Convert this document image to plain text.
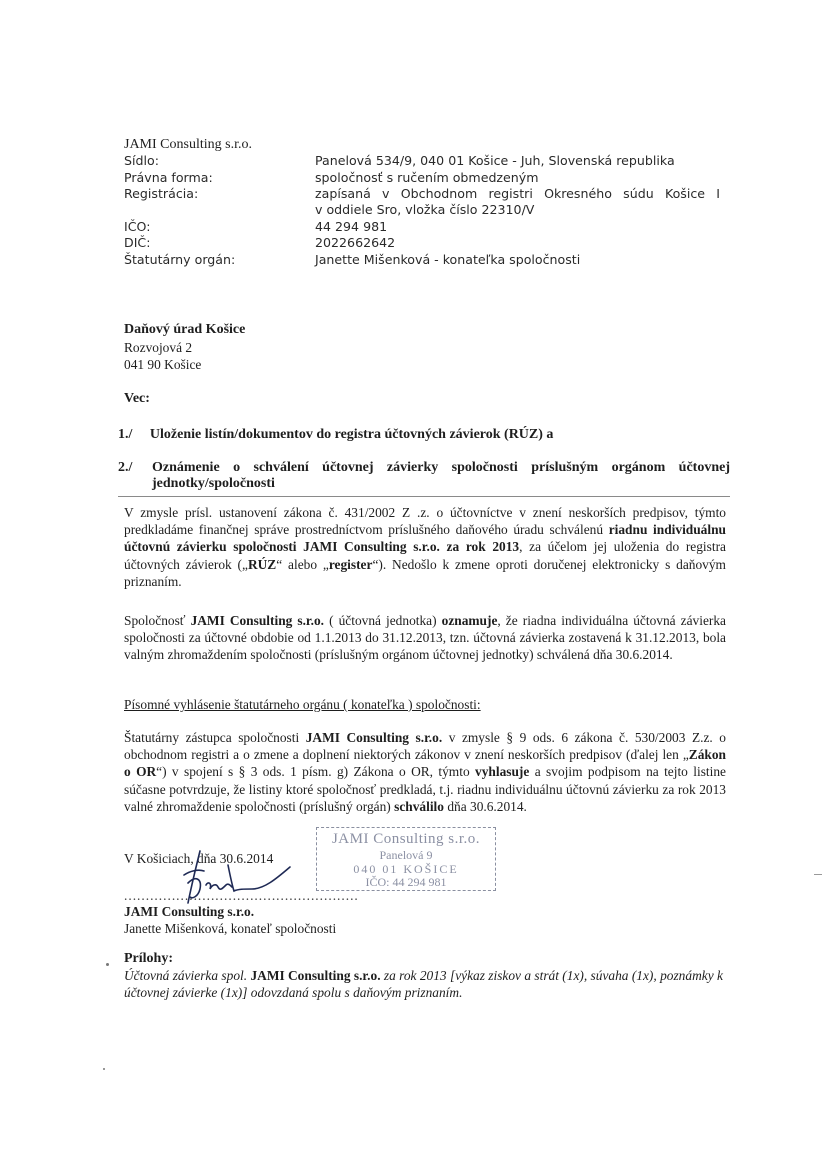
JAMI Consulting s.r.o.
Sídlo:	Panelová 534/9, 040 01 Košice - Juh, Slovenská republika
Právna forma:	spoločnosť s ručením obmedzeným
Registrácia:	zapísaná v Obchodnom registri Okresného súdu Košice I
v oddiele Sro, vložka číslo 22310/V
IČO:	44 294 981
DIČ:	2022662642
Štatutárny orgán:	Janette Mišenková - konateľka spoločnosti
Daňový úrad Košice
Rozvojová 2
041 90 Košice
Vec:
1./ Uloženie listín/dokumentov do registra účtovných závierok (RÚZ) a
2./ Oznámenie o schválení účtovnej závierky spoločnosti príslušným orgánom účtovnej jednotky/spoločnosti
V zmysle prísl. ustanovení zákona č. 431/2002 Z .z. o účtovníctve v znení neskorších predpisov, týmto predkladáme finančnej správe prostredníctvom príslušného daňového úradu schválenú riadnu individuálnu účtovnú závierku spoločnosti JAMI Consulting s.r.o. za rok 2013, za účelom jej uloženia do registra účtovných závierok („RÚZ“ alebo „register“). Nedošlo k zmene oproti doručenej elektronicky s daňovým priznaním.
Spoločnosť JAMI Consulting s.r.o. ( účtovná jednotka) oznamuje, že riadna individuálna účtovná závierka spoločnosti za účtovné obdobie od 1.1.2013 do 31.12.2013, tzn. účtovná závierka zostavená k 31.12.2013, bola valným zhromaždením spoločnosti (príslušným orgánom účtovnej jednotky) schválená dňa 30.6.2014.
Písomné vyhlásenie štatutárneho orgánu ( konateľka ) spoločnosti:
Štatutárny zástupca spoločnosti JAMI Consulting s.r.o. v zmysle § 9 ods. 6 zákona č. 530/2003 Z.z. o obchodnom registri a o zmene a doplnení niektorých zákonov v znení neskorších predpisov (ďalej len „Zákon o OR“) v spojení s § 3 ods. 1 písm. g) Zákona o OR, týmto vyhlasuje a svojim podpisom na tejto listine súčasne potvrdzuje, že listiny ktoré spoločnosť predkladá, t.j. riadnu individuálnu účtovnú závierku za rok 2013 valné zhromaždenie spoločnosti (príslušný orgán) schválilo dňa 30.6.2014.
JAMI Consulting s.r.o.
Panelová 9
040 01 KOŠICE
IČO: 44 294 981
V Košiciach, dňa 30.6.2014
......................................................
JAMI Consulting s.r.o.
Janette Mišenková, konateľ spoločnosti
Prílohy:
Účtovná závierka spol. JAMI Consulting s.r.o. za rok 2013 [výkaz ziskov a strát (1x), súvaha (1x), poznámky k účtovnej závierke (1x)] odovzdaná spolu s daňovým priznaním.
